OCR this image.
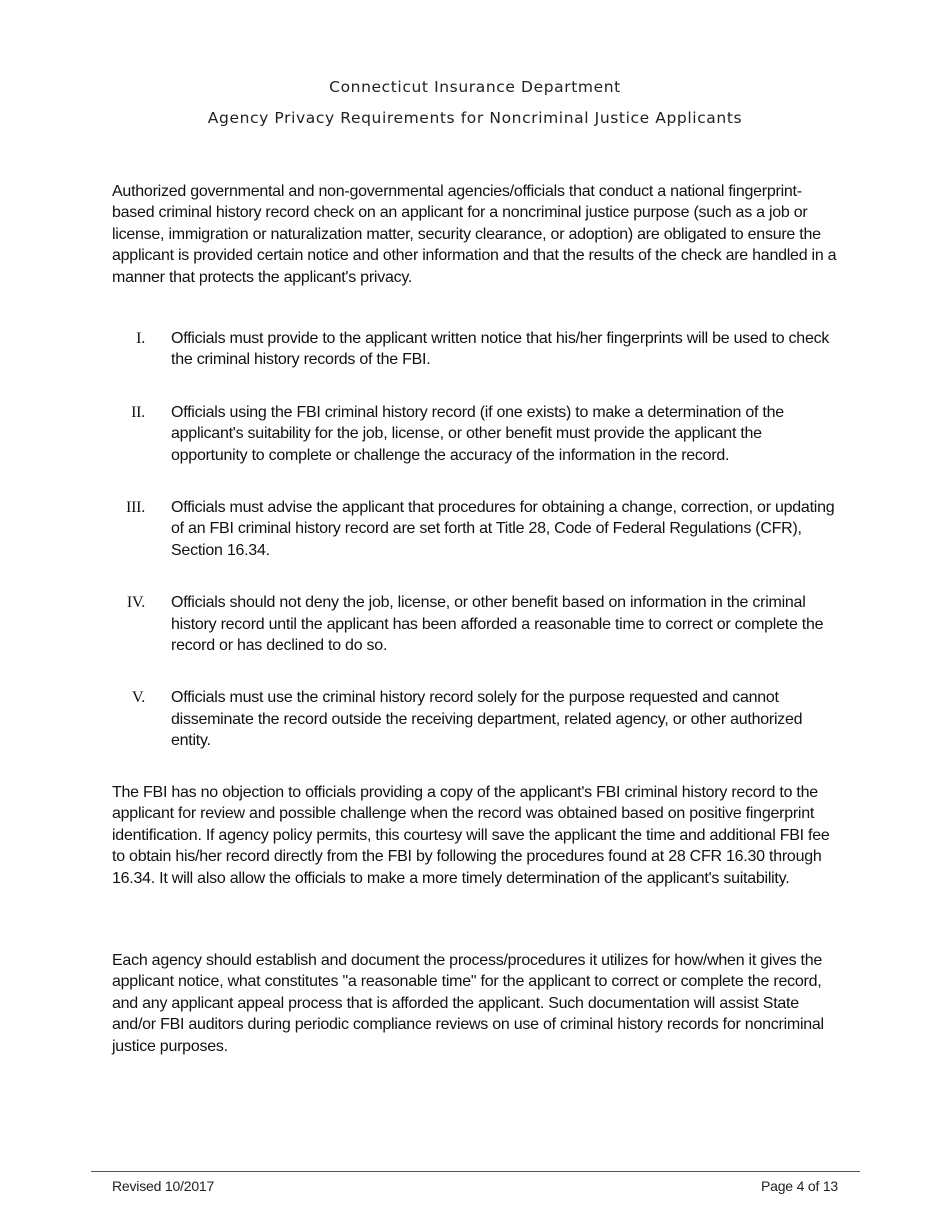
Connecticut Insurance Department
Agency Privacy Requirements for Noncriminal Justice Applicants
Authorized governmental and non-governmental agencies/officials that conduct a national fingerprint-based criminal history record check on an applicant for a noncriminal justice purpose (such as a job or license, immigration or naturalization matter, security clearance, or adoption) are obligated to ensure the applicant is provided certain notice and other information and that the results of the check are handled in a manner that protects the applicant's privacy.
I. Officials must provide to the applicant written notice that his/her fingerprints will be used to check the criminal history records of the FBI.
II. Officials using the FBI criminal history record (if one exists) to make a determination of the applicant's suitability for the job, license, or other benefit must provide the applicant the opportunity to complete or challenge the accuracy of the information in the record.
III. Officials must advise the applicant that procedures for obtaining a change, correction, or updating of an FBI criminal history record are set forth at Title 28, Code of Federal Regulations (CFR), Section 16.34.
IV. Officials should not deny the job, license, or other benefit based on information in the criminal history record until the applicant has been afforded a reasonable time to correct or complete the record or has declined to do so.
V. Officials must use the criminal history record solely for the purpose requested and cannot disseminate the record outside the receiving department, related agency, or other authorized entity.
The FBI has no objection to officials providing a copy of the applicant's FBI criminal history record to the applicant for review and possible challenge when the record was obtained based on positive fingerprint identification. If agency policy permits, this courtesy will save the applicant the time and additional FBI fee to obtain his/her record directly from the FBI by following the procedures found at 28 CFR 16.30 through 16.34. It will also allow the officials to make a more timely determination of the applicant's suitability.
Each agency should establish and document the process/procedures it utilizes for how/when it gives the applicant notice, what constitutes "a reasonable time" for the applicant to correct or complete the record, and any applicant appeal process that is afforded the applicant. Such documentation will assist State and/or FBI auditors during periodic compliance reviews on use of criminal history records for noncriminal justice purposes.
Revised 10/2017	Page 4 of 13
